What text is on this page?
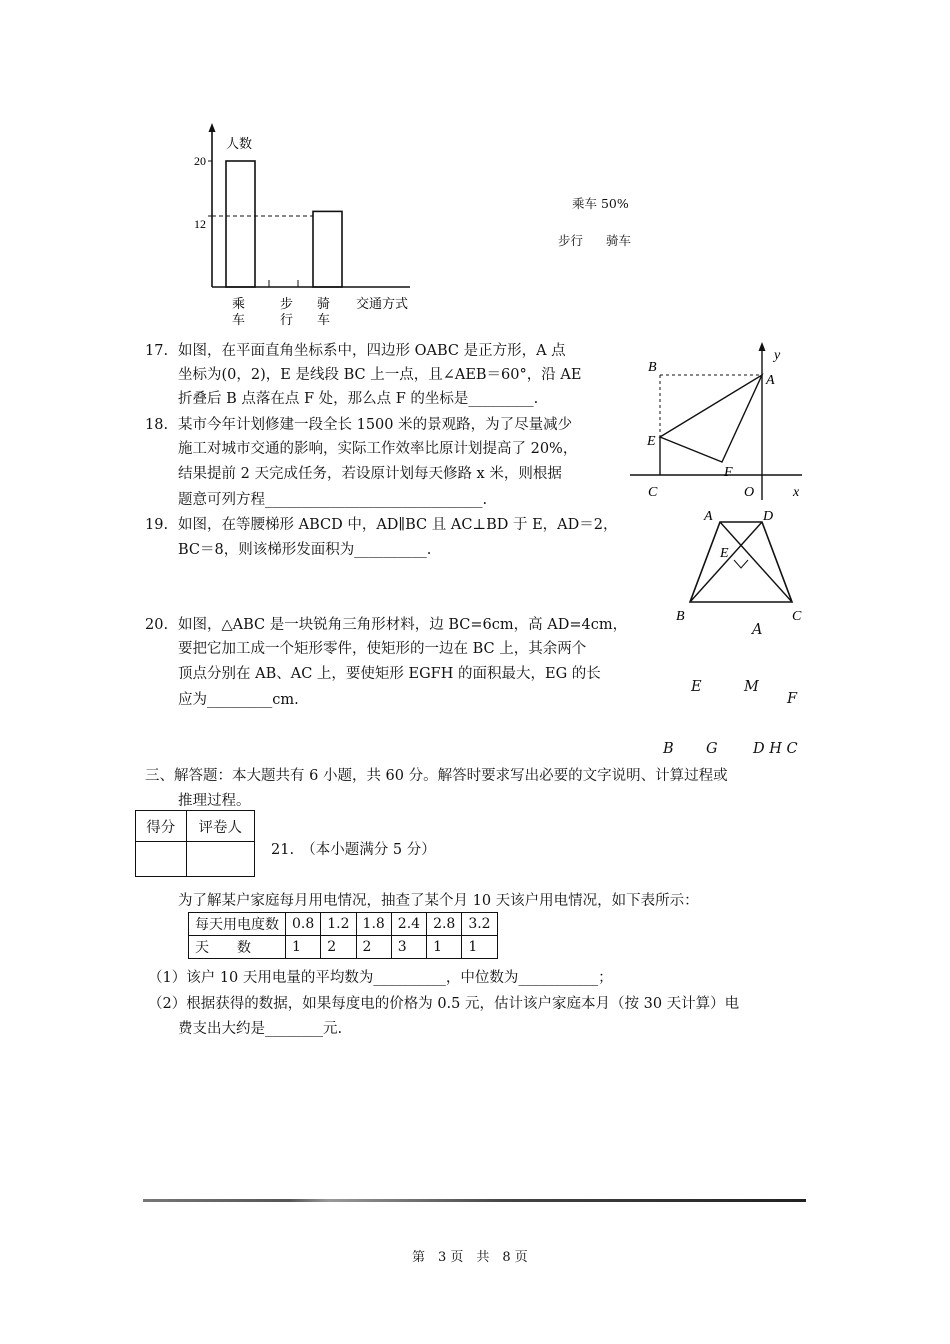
人数
20
12
乘
车
步
行
骑
车
交通方式
乘车 50%
步行 骑车
17. 如图，在平面直角坐标系中，四边形 OABC 是正方形，A 点
坐标为(0，2)，E 是线段 BC 上一点，且∠AEB＝60°，沿 AE
折叠后 B 点落在点 F 处，那么点 F 的坐标是_________.
B
A
y
E
F
C	O	x
18. 某市今年计划修建一段全长 1500 米的景观路，为了尽量减少
施工对城市交通的影响，实际工作效率比原计划提高了 20%，
结果提前 2 天完成任务，若设原计划每天修路 x 米，则根据
题意可列方程______________________________.
19. 如图，在等腰梯形 ABCD 中，AD∥BC 且 AC⊥BD 于 E，AD＝2，
BC＝8，则该梯形发面积为__________.
A	D
E
B	C
20. 如图，△ABC 是一块锐角三角形材料，边 BC=6cm，高 AD=4cm，
要把它加工成一个矩形零件，使矩形的一边在 BC 上，其余两个
顶点分别在 AB、AC 上，要使矩形 EGFH 的面积最大，EG 的长
应为_________cm.
A
E	M
F
B G D H C
三、解答题：本大题共有 6 小题，共 60 分。解答时要求写出必要的文字说明、计算过程或
推理过程。
得分	评卷人

21.　（本小题满分 5 分）
为了解某户家庭每月用电情况，抽查了某个月 10 天该户用电情况，如下表所示：
每天用电度数	0.8	1.2	1.8	2.4	2.8	3.2
天　　数	1	2	2	3	1	1
（1）该户 10 天用电量的平均数为__________，中位数为___________；
（2）根据获得的数据，如果每度电的价格为 0.5 元，估计该户家庭本月（按 30 天计算）电
费支出大约是________元.
第　3 页　共　8 页
